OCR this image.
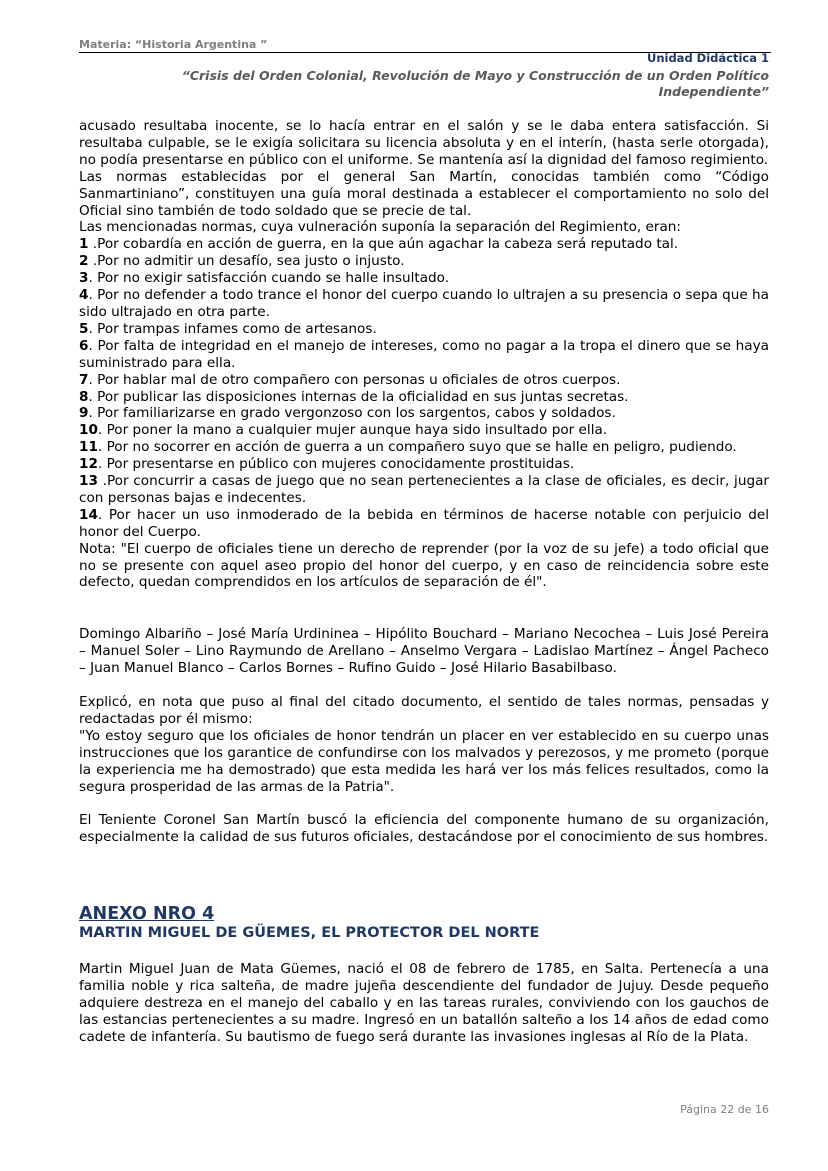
Materia: “Historia Argentina ”
Unidad Didáctica 1
“Crisis del Orden Colonial, Revolución de Mayo y Construcción de un Orden Político Independiente”

acusado resultaba inocente, se lo hacía entrar en el salón y se le daba entera satisfacción. Si resultaba culpable, se le exigía solicitara su licencia absoluta y en el interín, (hasta serle otorgada), no podía presentarse en público con el uniforme. Se mantenía así la dignidad del famoso regimiento.

Las normas establecidas por el general San Martín, conocidas también como “Código Sanmartiniano”, constituyen una guía moral destinada a establecer el comportamiento no solo del Oficial sino también de todo soldado que se precie de tal.

Las mencionadas normas, cuya vulneración suponía la separación del Regimiento, eran:

1 .Por cobardía en acción de guerra, en la que aún agachar la cabeza será reputado tal.

2 .Por no admitir un desafío, sea justo o injusto.

3. Por no exigir satisfacción cuando se halle insultado.

4. Por no defender a todo trance el honor del cuerpo cuando lo ultrajen a su presencia o sepa que ha sido ultrajado en otra parte.

5. Por trampas infames como de artesanos.

6. Por falta de integridad en el manejo de intereses, como no pagar a la tropa el dinero que se haya suministrado para ella.

7. Por hablar mal de otro compañero con personas u oficiales de otros cuerpos.

8. Por publicar las disposiciones internas de la oficialidad en sus juntas secretas.

9. Por familiarizarse en grado vergonzoso con los sargentos, cabos y soldados.

10. Por poner la mano a cualquier mujer aunque haya sido insultado por ella.

11. Por no socorrer en acción de guerra a un compañero suyo que se halle en peligro, pudiendo.

12. Por presentarse en público con mujeres conocidamente prostituidas.

13 .Por concurrir a casas de juego que no sean pertenecientes a la clase de oficiales, es decir, jugar con personas bajas e indecentes.

14. Por hacer un uso inmoderado de la bebida en términos de hacerse notable con perjuicio del honor del Cuerpo.

Nota: "El cuerpo de oficiales tiene un derecho de reprender (por la voz de su jefe) a todo oficial que no se presente con aquel aseo propio del honor del cuerpo, y en caso de reincidencia sobre este defecto, quedan comprendidos en los artículos de separación de él".

Domingo Albariño – José María Urdininea – Hipólito Bouchard – Mariano Necochea – Luis José Pereira – Manuel Soler – Lino Raymundo de Arellano – Anselmo Vergara – Ladislao Martínez – Ángel Pacheco – Juan Manuel Blanco – Carlos Bornes – Rufino Guido – José Hilario Basabilbaso.

Explicó, en nota que puso al final del citado documento, el sentido de tales normas, pensadas y redactadas por él mismo:

"Yo estoy seguro que los oficiales de honor tendrán un placer en ver establecido en su cuerpo unas instrucciones que los garantice de confundirse con los malvados y perezosos, y me prometo (porque la experiencia me ha demostrado) que esta medida les hará ver los más felices resultados, como la segura prosperidad de las armas de la Patria".

El Teniente Coronel San Martín buscó la eficiencia del componente humano de su organización, especialmente la calidad de sus futuros oficiales, destacándose por el conocimiento de sus hombres.
ANEXO NRO 4
MARTIN MIGUEL DE GÜEMES, EL PROTECTOR DEL NORTE
Martin Miguel Juan de Mata Güemes, nació el 08 de febrero de 1785, en Salta. Pertenecía a una familia noble y rica salteña, de madre jujeña descendiente del fundador de Jujuy. Desde pequeño adquiere destreza en el manejo del caballo y en las tareas rurales, conviviendo con los gauchos de las estancias pertenecientes a su madre. Ingresó en un batallón salteño a los 14 años de edad como cadete de infantería. Su bautismo de fuego será durante las invasiones inglesas al Río de la Plata.
Página 22 de 16
